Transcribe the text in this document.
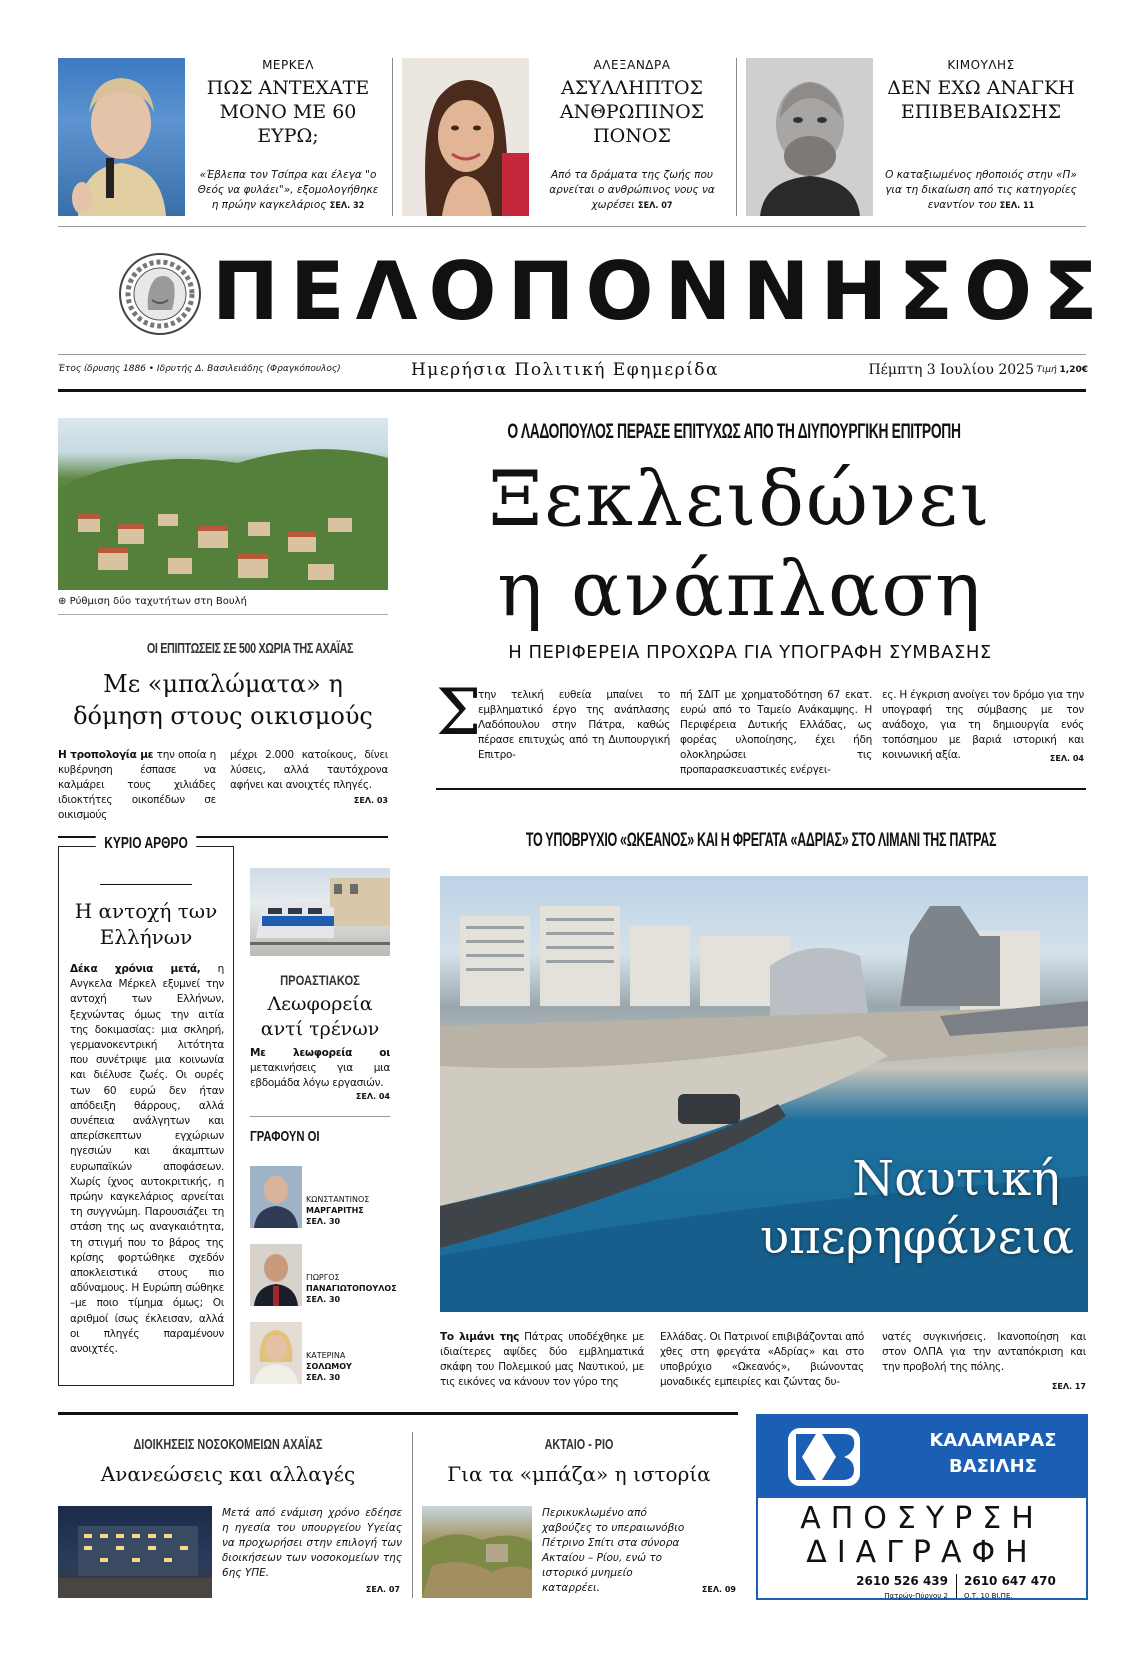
ΜΕΡΚΕΛ
ΠΩΣ ΑΝΤΕΧΑΤΕ ΜΟΝΟ ΜΕ 60 ΕΥΡΩ;
«Έβλεπα τον Τσίπρα και έλεγα "ο Θεός να φυλάει"», εξομολογήθηκε η πρώην καγκελάριος ΣΕΛ. 32
ΑΛΕΞΑΝΔΡΑ
ΑΣΥΛΛΗΠΤΟΣ ΑΝΘΡΩΠΙΝΟΣ ΠΟΝΟΣ
Από τα δράματα της ζωής που αρνείται ο ανθρώπινος νους να χωρέσει ΣΕΛ. 07
ΚΙΜΟΥΛΗΣ
ΔΕΝ ΕΧΩ ΑΝΑΓΚΗ ΕΠΙΒΕΒΑΙΩΣΗΣ
Ο καταξιωμένος ηθοποιός στην «Π» για τη δικαίωση από τις κατηγορίες εναντίον του ΣΕΛ. 11
ΠΕΛΟΠΟΝΝΗΣΟΣ
Έτος ίδρυσης 1886 • Ιδρυτής Δ. Βασιλειάδης (Φραγκόπουλος)	Ημερήσια Πολιτική Εφημερίδα	Πέμπτη 3 Ιουλίου 2025 Τιμή 1,20€
⊕ Ρύθμιση δύο ταχυτήτων στη Βουλή
ΟΙ ΕΠΙΠΤΩΣΕΙΣ ΣΕ 500 ΧΩΡΙΑ ΤΗΣ ΑΧΑΪΑΣ
Με «μπαλώματα» η δόμηση στους οικισμούς
Η τροπολογία με την οποία η κυβέρνηση έσπασε να καλμάρει τους χιλιάδες ιδιοκτήτες οικοπέδων σε οικισμούς
μέχρι 2.000 κατοίκους, δίνει λύσεις, αλλά ταυτόχρονα αφήνει και ανοιχτές πληγές.
ΣΕΛ. 03
Ο ΛΑΔΟΠΟΥΛΟΣ ΠΕΡΑΣΕ ΕΠΙΤΥΧΩΣ ΑΠΟ ΤΗ ΔΙΥΠΟΥΡΓΙΚΗ ΕΠΙΤΡΟΠΗ
Ξεκλειδώνει
η ανάπλαση
Η ΠΕΡΙΦΕΡΕΙΑ ΠΡΟΧΩΡΑ ΓΙΑ ΥΠΟΓΡΑΦΗ ΣΥΜΒΑΣΗΣ
Σ
την τελική ευθεία μπαίνει το εμβληματικό έργο της ανάπλασης Λαδόπουλου στην Πάτρα, καθώς πέρασε επιτυχώς από τη Διυπουργική Επιτρο-
πή ΣΔΙΤ με χρηματοδότηση 67 εκατ. ευρώ από το Ταμείο Ανάκαμψης. Η Περιφέρεια Δυτικής Ελλάδας, ως φορέας υλοποίησης, έχει ήδη ολοκληρώσει τις προπαρασκευαστικές ενέργει-
ες. Η έγκριση ανοίγει τον δρόμο για την υπογραφή της σύμβασης με τον ανάδοχο, για τη δημιουργία ενός τοπόσημου με βαριά ιστορική και κοινωνική αξία.	ΣΕΛ. 04
ΚΥΡΙΟ ΑΡΘΡΟ
Η αντοχή των Ελλήνων
Δέκα χρόνια μετά, η Ανγκελα Μέρκελ εξυμνεί την αντοχή των Ελλήνων, ξεχνώντας όμως την αιτία της δοκιμασίας: μια σκληρή, γερμανοκεντρική λιτότητα που συνέτριψε μια κοινωνία και διέλυσε ζωές. Οι ουρές των 60 ευρώ δεν ήταν απόδειξη θάρρους, αλλά συνέπεια ανάλγητων και απερίσκεπτων εγχώριων ηγεσιών και άκαμπτων ευρωπαϊκών αποφάσεων. Χωρίς ίχνος αυτοκριτικής, η πρώην καγκελάριος αρνείται τη συγγνώμη. Παρουσιάζει τη στάση της ως αναγκαιότητα, τη στιγμή που το βάρος της κρίσης φορτώθηκε σχεδόν αποκλειστικά στους πιο αδύναμους. Η Ευρώπη σώθηκε –με ποιο τίμημα όμως; Οι αριθμοί ίσως έκλεισαν, αλλά οι πληγές παραμένουν ανοιχτές.
ΠΡΟΑΣΤΙΑΚΟΣ
Λεωφορεία αντί τρένων
Με λεωφορεία οι μετακινήσεις για μια εβδομάδα λόγω εργασιών.
ΣΕΛ. 04
ΓΡΑΦΟΥΝ ΟΙ
ΚΩΝΣΤΑΝΤΙΝΟΣ
ΜΑΡΓΑΡΙΤΗΣ
ΣΕΛ. 30
ΓΙΩΡΓΟΣ
ΠΑΝΑΓΙΩΤΟΠΟΥΛΟΣ
ΣΕΛ. 30
ΚΑΤΕΡΙΝΑ
ΣΟΛΩΜΟΥ
ΣΕΛ. 30
ΤΟ ΥΠΟΒΡΥΧΙΟ «ΩΚΕΑΝΟΣ» ΚΑΙ Η ΦΡΕΓΑΤΑ «ΑΔΡΙΑΣ» ΣΤΟ ΛΙΜΑΝΙ ΤΗΣ ΠΑΤΡΑΣ
Ναυτική
υπερηφάνεια
Το λιμάνι της Πάτρας υποδέχθηκε με ιδιαίτερες αψίδες δύο εμβληματικά σκάφη του Πολεμικού μας Ναυτικού, με τις εικόνες να κάνουν τον γύρο της
Ελλάδας. Οι Πατρινοί επιβιβάζονται από χθες στη φρεγάτα «Αδρίας» και στο υποβρύχιο «Ωκεανός», βιώνοντας μοναδικές εμπειρίες και ζώντας δυ-
νατές συγκινήσεις. Ικανοποίηση και στον ΟΛΠΑ για την ανταπόκριση και την προβολή της πόλης.
ΣΕΛ. 17
ΔΙΟΙΚΗΣΕΙΣ ΝΟΣΟΚΟΜΕΙΩΝ ΑΧΑΪΑΣ
Ανανεώσεις και αλλαγές
Μετά από ενάμιση χρόνο εδέησε η ηγεσία του υπουργείου Υγείας να προχωρήσει στην επιλογή των διοικήσεων των νοσοκομείων της 6ης ΥΠΕ.
ΣΕΛ. 07
ΑΚΤΑΙΟ - ΡΙΟ
Για τα «μπάζα» η ιστορία
Περικυκλωμένο από χαβούζες το υπεραιωνόβιο Πέτρινο Σπίτι στα σύνορα Ακταίου – Ρίου, ενώ το ιστορικό μνημείο καταρρέει.	ΣΕΛ. 09
ΚΑΛΑΜΑΡΑΣ
ΒΑΣΙΛΗΣ
ΑΠΟΣΥΡΣΗ
ΔΙΑΓΡΑΦΗ
2610 526 439
Πατρών-Πύργου 2
2610 647 470
Ο.Τ. 10 ΒΙ.ΠΕ.
